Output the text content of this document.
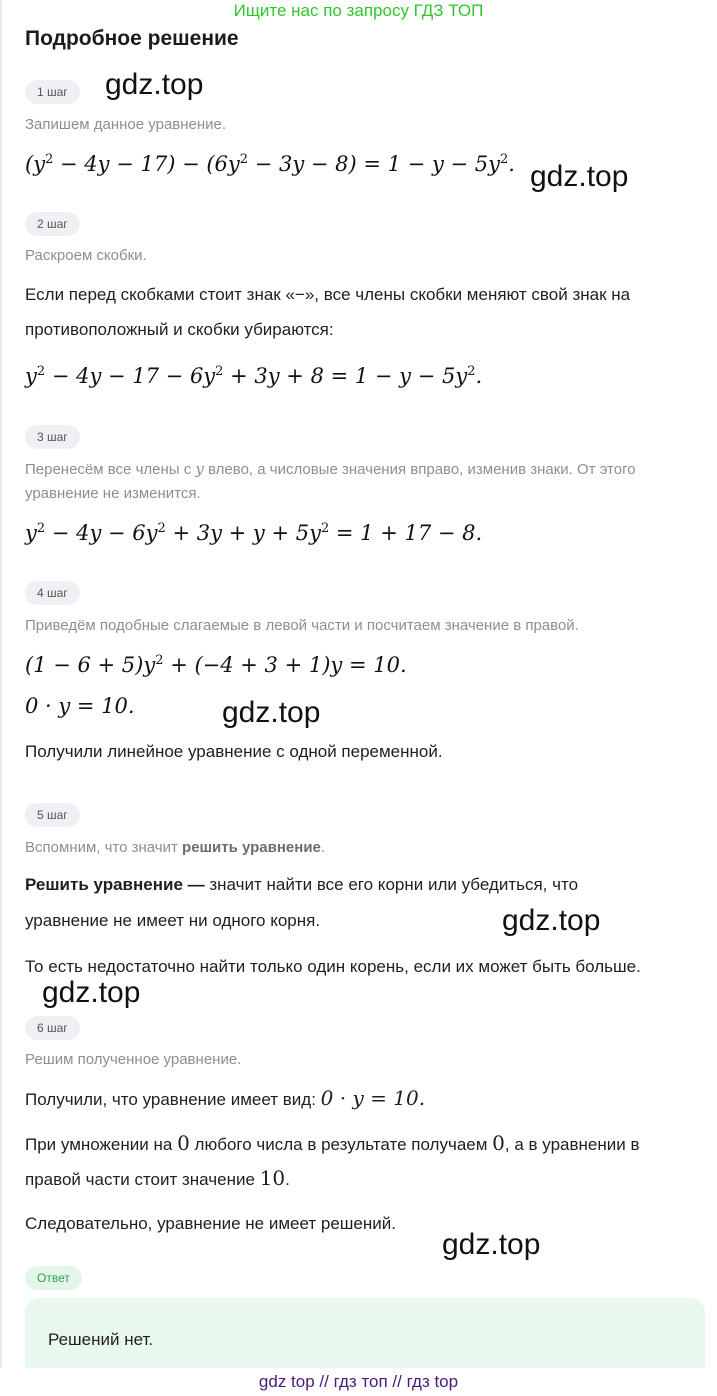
Ищите нас по запросу ГДЗ ТОП
Подробное решение
1 шаг	gdz.top
Запишем данное уравнение.
$(y^2 - 4y - 17) - (6y^2 - 3y - 8) = 1 - y - 5y^2$. gdz.top
2 шаг
Раскроем скобки.
Если перед скобками стоит знак «−», все члены скобки меняют свой знак на
противоположный и скобки убираются:
$y^2 - 4y - 17 - 6y^2 + 3y + 8 = 1 - y - 5y^2$.
3 шаг
Перенесём все члены с y влево, а числовые значения вправо, изменив знаки. От этого
уравнение не изменится.
$y^2 - 4y - 6y^2 + 3y + y + 5y^2 = 1 + 17 - 8$.
4 шаг
Приведём подобные слагаемые в левой части и посчитаем значение в правой.
$(1 - 6 + 5)y^2 + (-4 + 3 + 1)y = 10$.
0 · y = 10.	gdz.top
Получили линейное уравнение с одной переменной.
5 шаг
Вспомним, что значит решить уравнение.
Решить уравнение — значит найти все его корни или убедиться, что
уравнение не имеет ни одного корня.	gdz.top
То есть недостаточно найти только один корень, если их может быть больше.
gdz.top
6 шаг
Решим полученное уравнение.
Получили, что уравнение имеет вид: 0 · y = 10.
При умножении на 0 любого числа в результате получаем 0, а в уравнении в
правой части стоит значение 10.
Следовательно, уравнение не имеет решений.
gdz.top
Ответ
Решений нет.
gdz top // гдз топ // гдз top
